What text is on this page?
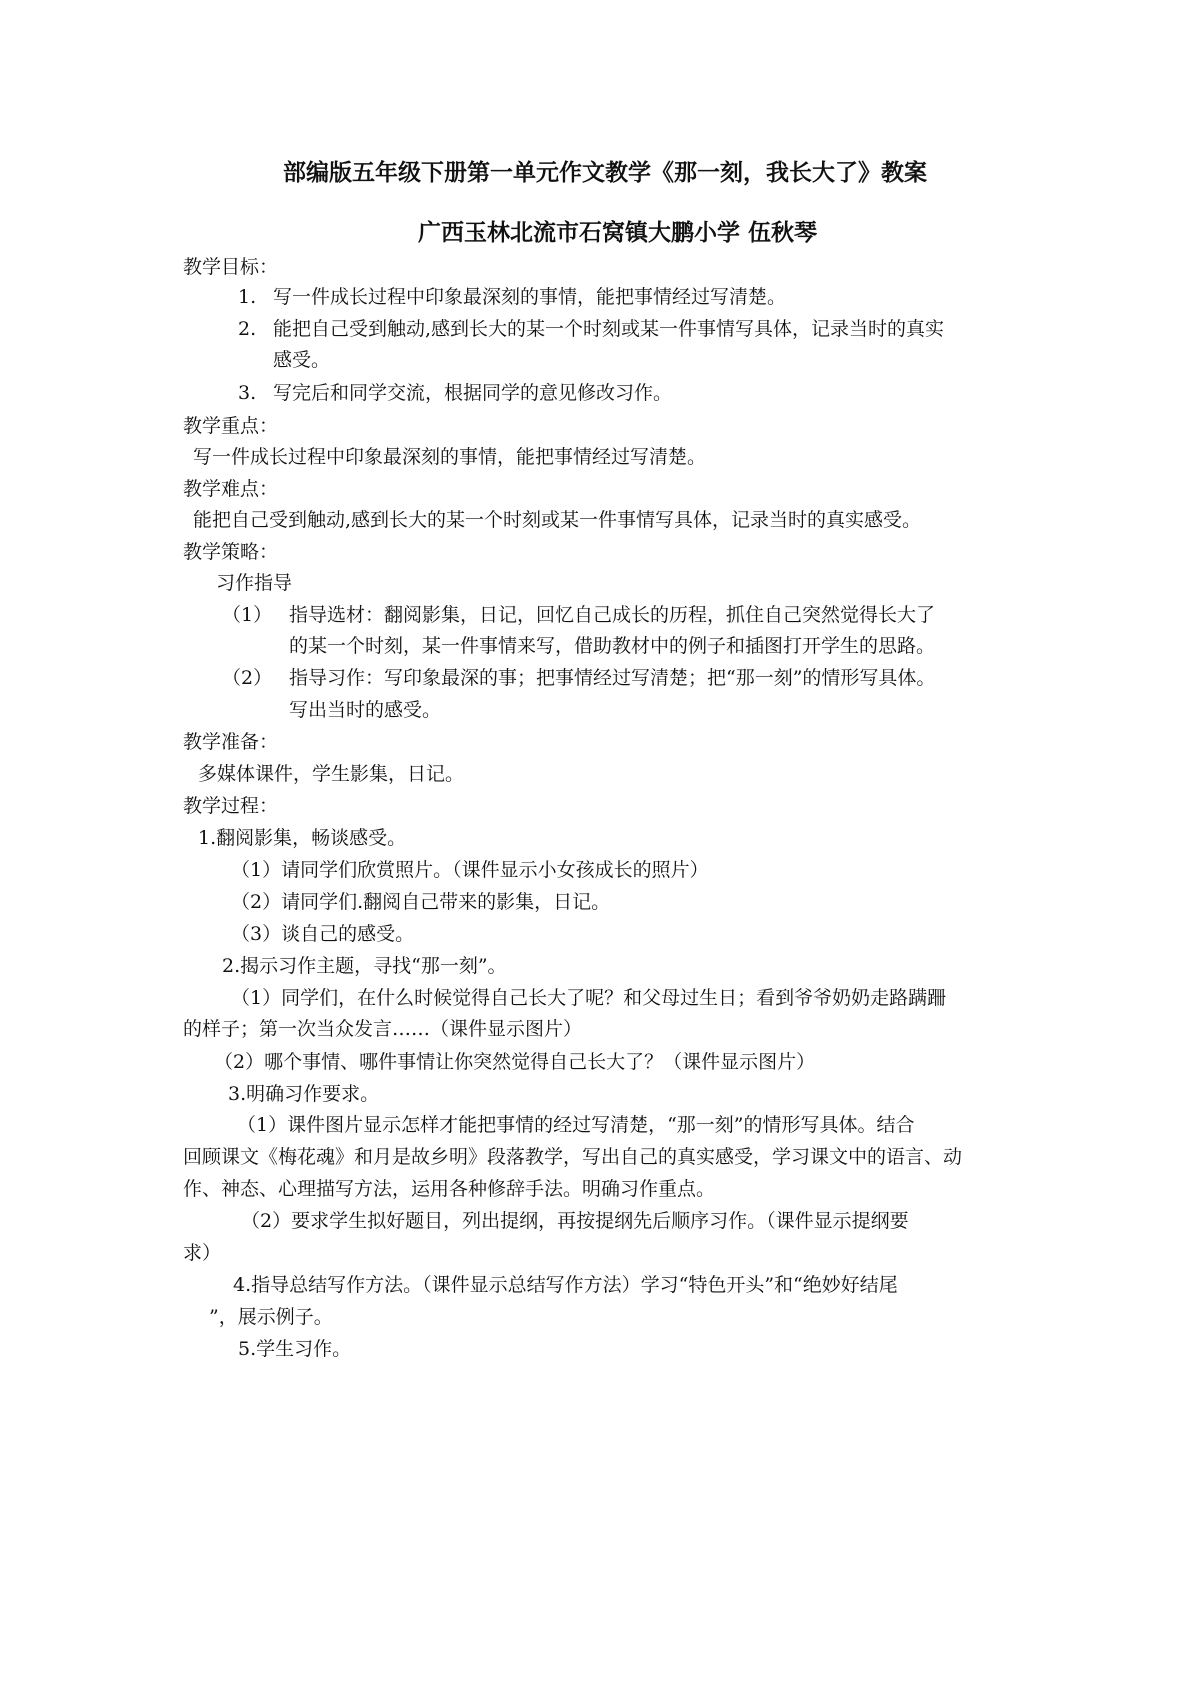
部编版五年级下册第一单元作文教学《那一刻，我长大了》教案
广西玉林北流市石窝镇大鹏小学 伍秋琴
教学目标：
1. 写一件成长过程中印象最深刻的事情，能把事情经过写清楚。
2. 能把自己受到触动,感到长大的某一个时刻或某一件事情写具体，记录当时的真实
感受。
3. 写完后和同学交流，根据同学的意见修改习作。
教学重点：
写一件成长过程中印象最深刻的事情，能把事情经过写清楚。
教学难点：
能把自己受到触动,感到长大的某一个时刻或某一件事情写具体，记录当时的真实感受。
教学策略：
习作指导
（1） 指导选材：翻阅影集，日记，回忆自己成长的历程，抓住自己突然觉得长大了
的某一个时刻，某一件事情来写，借助教材中的例子和插图打开学生的思路。
（2） 指导习作：写印象最深的事；把事情经过写清楚；把“那一刻”的情形写具体。
写出当时的感受。
教学准备：
多媒体课件，学生影集，日记。
教学过程：
1.翻阅影集，畅谈感受。
（1）请同学们欣赏照片。（课件显示小女孩成长的照片）
（2）请同学们.翻阅自己带来的影集，日记。
（3）谈自己的感受。
2.揭示习作主题，寻找“那一刻”。
（1）同学们，在什么时候觉得自己长大了呢？和父母过生日；看到爷爷奶奶走路蹒跚
的样子；第一次当众发言……（课件显示图片）
（2）哪个事情、哪件事情让你突然觉得自己长大了？（课件显示图片）
3.明确习作要求。
（1）课件图片显示怎样才能把事情的经过写清楚，“那一刻”的情形写具体。结合
回顾课文《梅花魂》和月是故乡明》段落教学，写出自己的真实感受，学习课文中的语言、动
作、神态、心理描写方法，运用各种修辞手法。明确习作重点。
（2）要求学生拟好题目，列出提纲，再按提纲先后顺序习作。（课件显示提纲要
求）
4.指导总结写作方法。（课件显示总结写作方法）学习“特色开头”和“绝妙好结尾
”，展示例子。
5.学生习作。
